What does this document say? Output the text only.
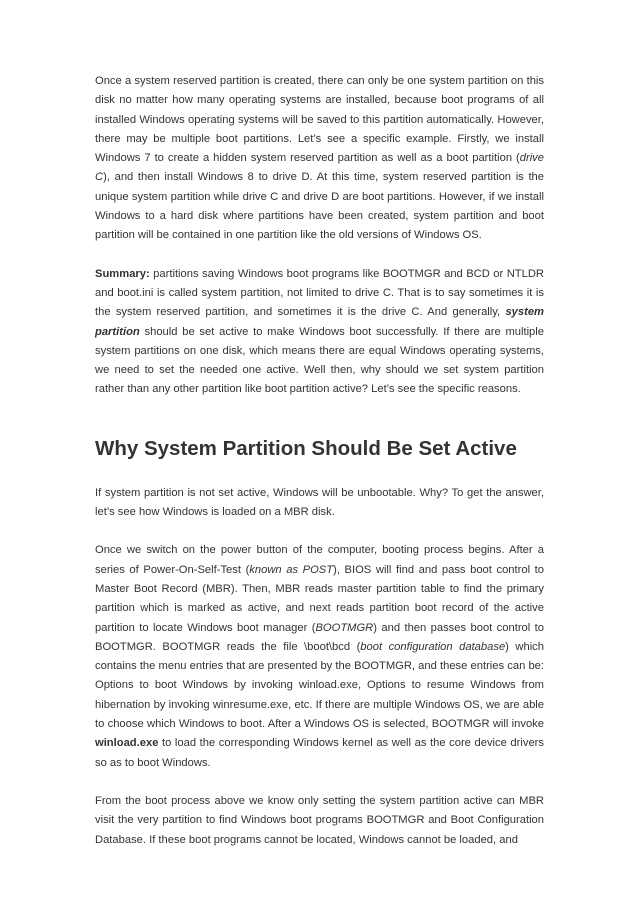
Once a system reserved partition is created, there can only be one system partition on this disk no matter how many operating systems are installed, because boot programs of all installed Windows operating systems will be saved to this partition automatically. However, there may be multiple boot partitions. Let’s see a specific example. Firstly, we install Windows 7 to create a hidden system reserved partition as well as a boot partition (drive C), and then install Windows 8 to drive D. At this time, system reserved partition is the unique system partition while drive C and drive D are boot partitions. However, if we install Windows to a hard disk where partitions have been created, system partition and boot partition will be contained in one partition like the old versions of Windows OS.

Summary: partitions saving Windows boot programs like BOOTMGR and BCD or NTLDR and boot.ini is called system partition, not limited to drive C. That is to say sometimes it is the system reserved partition, and sometimes it is the drive C. And generally, system partition should be set active to make Windows boot successfully. If there are multiple system partitions on one disk, which means there are equal Windows operating systems, we need to set the needed one active. Well then, why should we set system partition rather than any other partition like boot partition active? Let’s see the specific reasons.

Why System Partition Should Be Set Active

If system partition is not set active, Windows will be unbootable. Why? To get the answer, let’s see how Windows is loaded on a MBR disk.

Once we switch on the power button of the computer, booting process begins. After a series of Power-On-Self-Test (known as POST), BIOS will find and pass boot control to Master Boot Record (MBR). Then, MBR reads master partition table to find the primary partition which is marked as active, and next reads partition boot record of the active partition to locate Windows boot manager (BOOTMGR) and then passes boot control to BOOTMGR. BOOTMGR reads the file \boot\bcd (boot configuration database) which contains the menu entries that are presented by the BOOTMGR, and these entries can be: Options to boot Windows by invoking winload.exe, Options to resume Windows from hibernation by invoking winresume.exe, etc. If there are multiple Windows OS, we are able to choose which Windows to boot. After a Windows OS is selected, BOOTMGR will invoke winload.exe to load the corresponding Windows kernel as well as the core device drivers so as to boot Windows.

From the boot process above we know only setting the system partition active can MBR visit the very partition to find Windows boot programs BOOTMGR and Boot Configuration Database. If these boot programs cannot be located, Windows cannot be loaded, and
